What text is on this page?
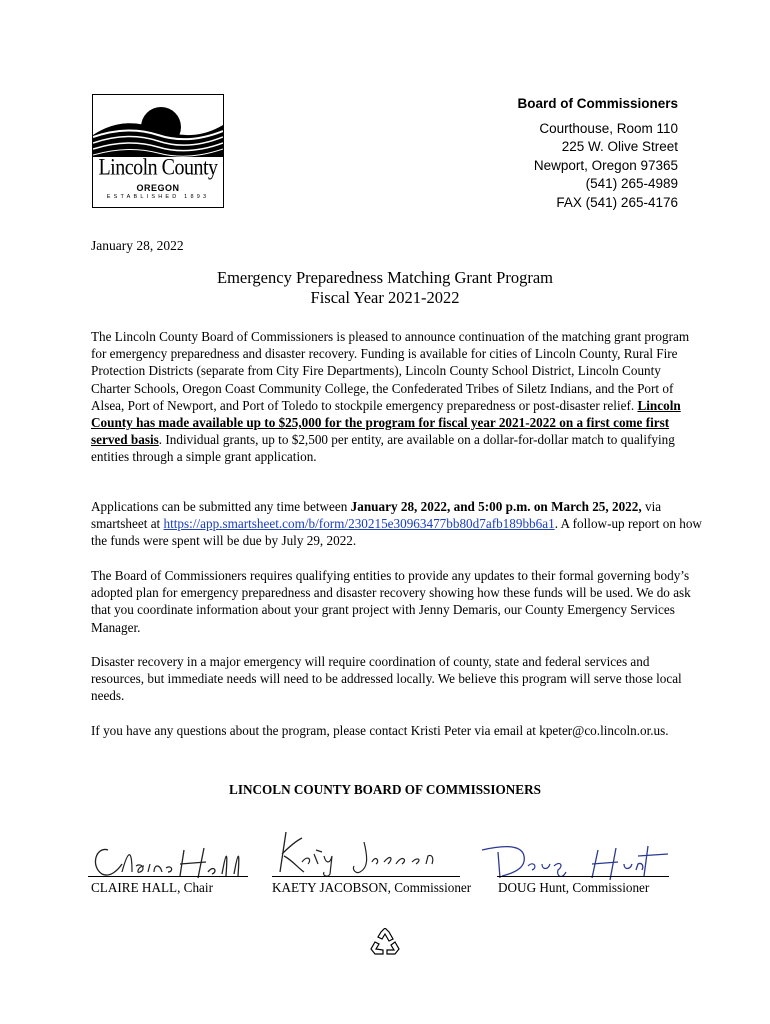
Lincoln County
OREGON
ESTABLISHED 1893
Board of Commissioners
Courthouse, Room 110
225 W. Olive Street
Newport, Oregon 97365
(541) 265-4989
FAX (541) 265-4176
January 28, 2022
Emergency Preparedness Matching Grant Program
Fiscal Year 2021-2022
The Lincoln County Board of Commissioners is pleased to announce continuation of the matching grant program for emergency preparedness and disaster recovery. Funding is available for cities of Lincoln County, Rural Fire Protection Districts (separate from City Fire Departments), Lincoln County School District, Lincoln County Charter Schools, Oregon Coast Community College, the Confederated Tribes of Siletz Indians, and the Port of Alsea, Port of Newport, and Port of Toledo to stockpile emergency preparedness or post-disaster relief. Lincoln County has made available up to $25,000 for the program for fiscal year 2021-2022 on a first come first served basis. Individual grants, up to $2,500 per entity, are available on a dollar-for-dollar match to qualifying entities through a simple grant application.
Applications can be submitted any time between January 28, 2022, and 5:00 p.m. on March 25, 2022, via smartsheet at https://app.smartsheet.com/b/form/230215e30963477bb80d7afb189bb6a1. A follow-up report on how the funds were spent will be due by July 29, 2022.
The Board of Commissioners requires qualifying entities to provide any updates to their formal governing body’s adopted plan for emergency preparedness and disaster recovery showing how these funds will be used. We do ask that you coordinate information about your grant project with Jenny Demaris, our County Emergency Services Manager.
Disaster recovery in a major emergency will require coordination of county, state and federal services and resources, but immediate needs will need to be addressed locally. We believe this program will serve those local needs.
If you have any questions about the program, please contact Kristi Peter via email at kpeter@co.lincoln.or.us.
LINCOLN COUNTY BOARD OF COMMISSIONERS
CLAIRE HALL, Chair	KAETY JACOBSON, Commissioner DOUG Hunt, Commissioner
